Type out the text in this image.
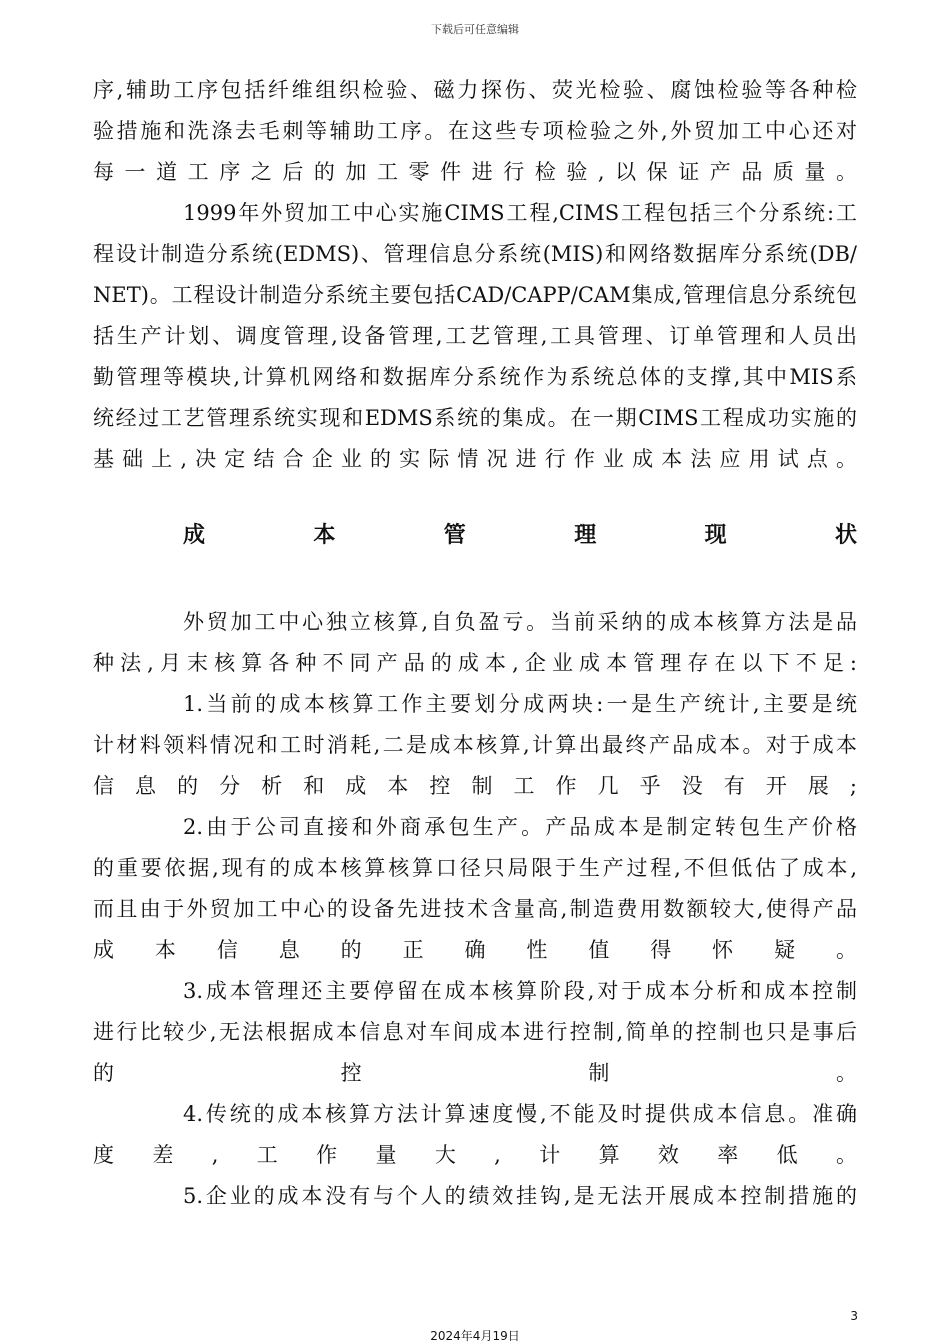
下载后可任意编辑
序,辅助工序包括纤维组织检验、磁力探伤、荧光检验、腐蚀检验等各种检
验措施和洗涤去毛刺等辅助工序。在这些专项检验之外,外贸加工中心还对
每一道工序之后的加工零件进行检验,以保证产品质量。
1999年外贸加工中心实施CIMS工程,CIMS工程包括三个分系统:工
程设计制造分系统(EDMS)、管理信息分系统(MIS)和网络数据库分系统(DB/
NET)。工程设计制造分系统主要包括CAD/CAPP/CAM集成,管理信息分系统包
括生产计划、调度管理,设备管理,工艺管理,工具管理、订单管理和人员出
勤管理等模块,计算机网络和数据库分系统作为系统总体的支撑,其中MIS系
统经过工艺管理系统实现和EDMS系统的集成。在一期CIMS工程成功实施的
基础上,决定结合企业的实际情况进行作业成本法应用试点。
成本管理现状
外贸加工中心独立核算,自负盈亏。当前采纳的成本核算方法是品
种法,月末核算各种不同产品的成本,企业成本管理存在以下不足:
1.当前的成本核算工作主要划分成两块:一是生产统计,主要是统
计材料领料情况和工时消耗,二是成本核算,计算出最终产品成本。对于成本
信息的分析和成本控制工作几乎没有开展;
2.由于公司直接和外商承包生产。产品成本是制定转包生产价格
的重要依据,现有的成本核算核算口径只局限于生产过程,不但低估了成本,
而且由于外贸加工中心的设备先进技术含量高,制造费用数额较大,使得产品
成本信息的正确性值得怀疑。
3.成本管理还主要停留在成本核算阶段,对于成本分析和成本控制
进行比较少,无法根据成本信息对车间成本进行控制,简单的控制也只是事后
的控制。
4.传统的成本核算方法计算速度慢,不能及时提供成本信息。准确
度差,工作量大,计算效率低。
5.企业的成本没有与个人的绩效挂钩,是无法开展成本控制措施的
3
2024年4月19日
